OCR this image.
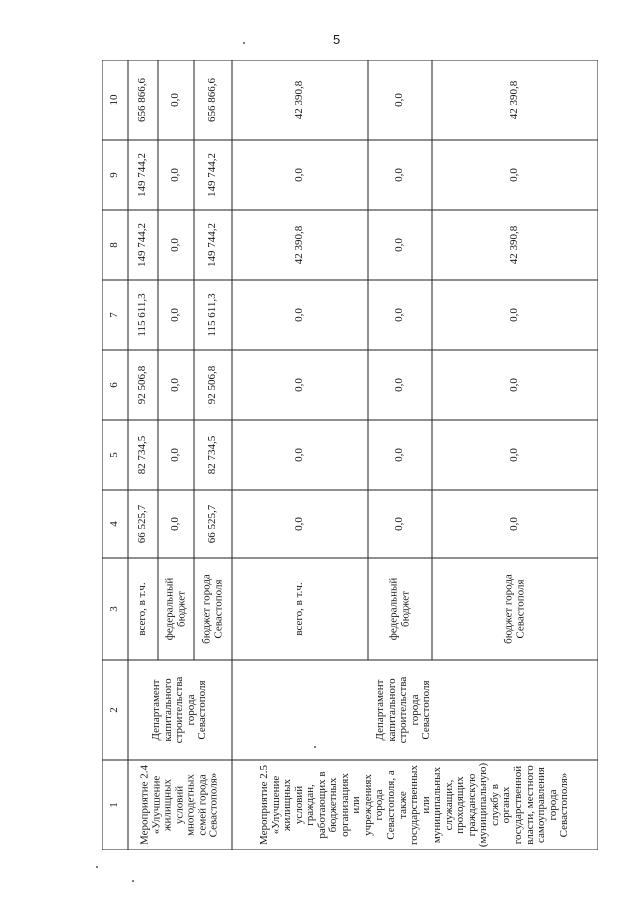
5
10
9
8
7
6
5
4
3
2
1 Мероприятие 2.4
«Улучшение
жилищных
условий
многодетных
семей города
Севастополя»
Департамент
капитального
строительства
города
Севастополя
всего, в т.ч.
66 525,7
82 734,5
92 506,8
115 611,3
149 744,2
149 744,2
656 866,6
федеральный
бюджет
0,0
0,0
0,0
0,0
0,0
0,0
0,0
бюджет города
Севастополя
66 525,7
82 734,5
92 506,8
115 611,3
149 744,2
149 744,2
656 866,6
Мероприятие 2.5
«Улучшение
жилищных
условий
граждан,
работающих в
бюджетных
организациях
или
учреждениях
города
Севастополя, а
также
государственных
или
муниципальных
служащих,
проходящих
гражданскую
(муниципальную)
службу в
органах
государственной
власти, местного
самоуправления
города
Севастополя»
Департамент
капитального
строительства
города
Севастополя
всего, в т.ч.
0,0
0,0
0,0
0,0
42 390,8
0,0
42 390,8
федеральный
бюджет
0,0
0,0
0,0
0,0
0,0
0,0
0,0
бюджет города
Севастополя
0,0
0,0
0,0
0,0
42 390,8
0,0
42 390,8
